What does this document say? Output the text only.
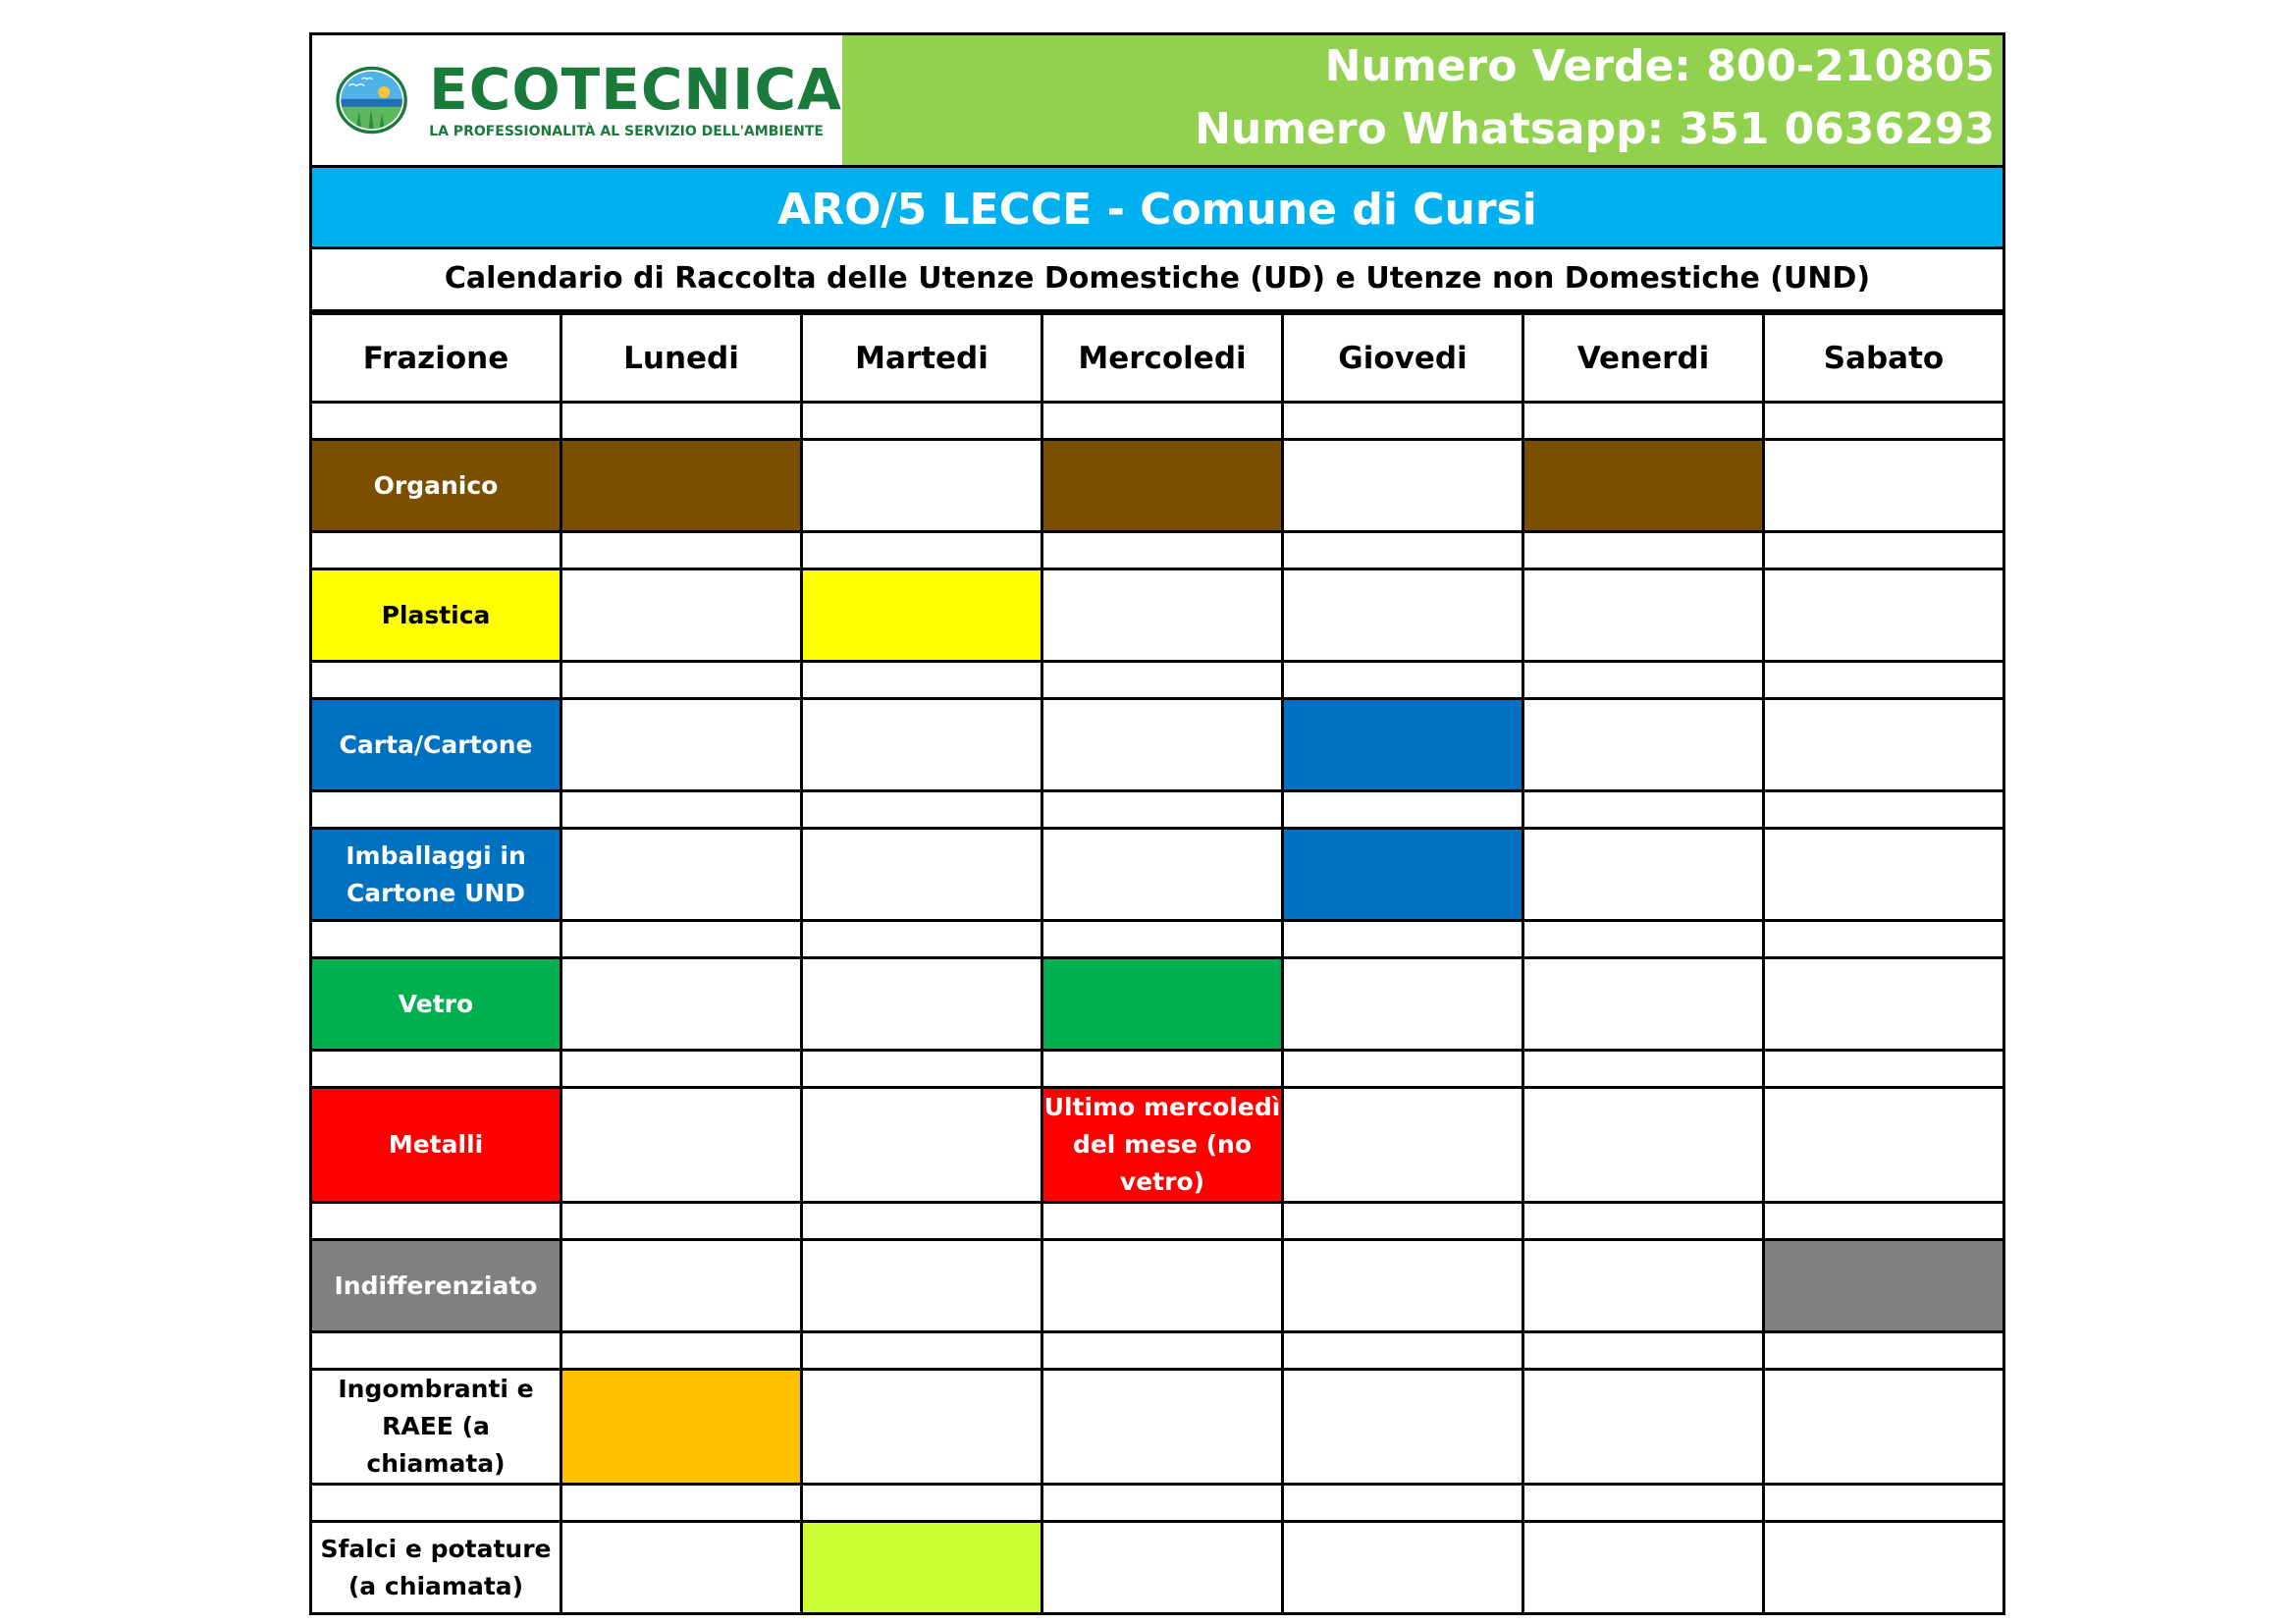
ECOTECNICA
LA PROFESSIONALITÀ AL SERVIZIO DELL'AMBIENTE
Numero Verde: 800-210805
Numero Whatsapp: 351 0636293
ARO/5 LECCE - Comune di Cursi
Calendario di Raccolta delle Utenze Domestiche (UD) e Utenze non Domestiche (UND)
Frazione	Lunedi	Martedi	Mercoledi	Giovedi	Venerdi	Sabato

Organico						

Plastica						

Carta/Cartone						

Imballaggi in Cartone UND						

Vetro						

Metalli			Ultimo mercoledì del mese (no vetro)			

Indifferenziato						

Ingombranti e RAEE (a chiamata)						

Sfalci e potature (a chiamata)						
